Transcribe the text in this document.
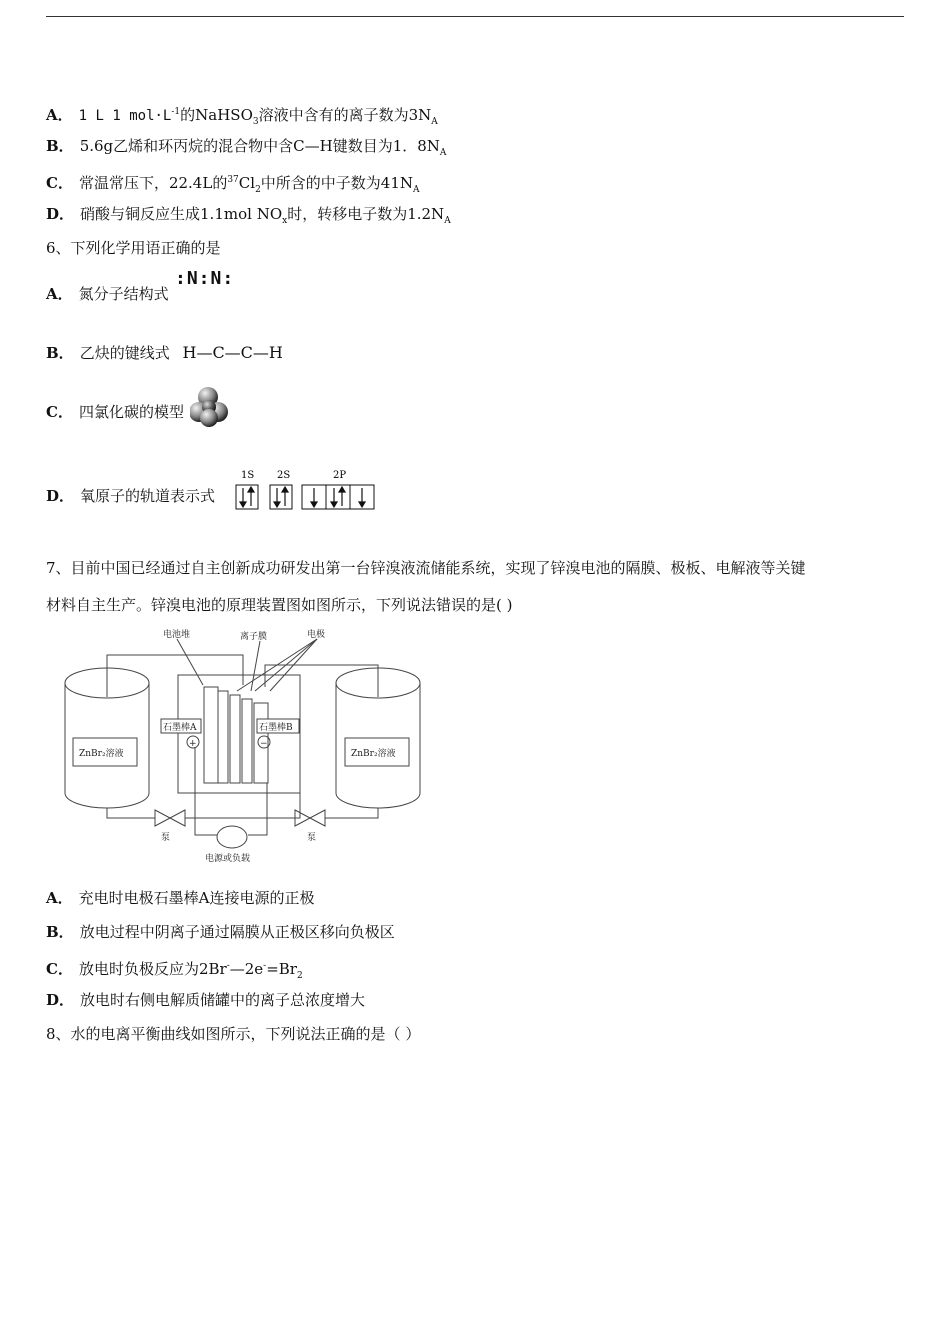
A． 1 L 1 $mol\cdot L^{-1}$的NaHSO$_3$溶液中含有的离子数为$3N_A$
B． 5.6g乙烯和环丙烷的混合物中含C—H键数目为1．$8N_A$
C． 常温常压下，22.4L的$^{37}Cl_2$中所含的中子数为$41N_A$
D． 硝酸与铜反应生成1.1mol $NO_x$时，转移电子数为$1.2N_A$
6、下列化学用语正确的是
A． 氮分子结构式
:N:N:
B． 乙炔的键线式 H—C—C—H
C． 四氯化碳的模型
D． 氧原子的轨道表示式
1S 2S	2P
7、目前中国已经通过自主创新成功研发出第一台锌溴液流储能系统，实现了锌溴电池的隔膜、极板、电解液等关键
材料自主生产。锌溴电池的原理装置图如图所示，下列说法错误的是( )
电池堆	离子膜	电极
石墨棒A	石墨棒B
+	−
ZnBr₂溶液	ZnBr₂溶液
泵	泵
电源或负载
A． 充电时电极石墨棒A连接电源的正极
B． 放电过程中阴离子通过隔膜从正极区移向负极区
C． 放电时负极反应为$2Br^-—2e^-=Br_2$
D． 放电时右侧电解质储罐中的离子总浓度增大
8、水的电离平衡曲线如图所示，下列说法正确的是（ ）
